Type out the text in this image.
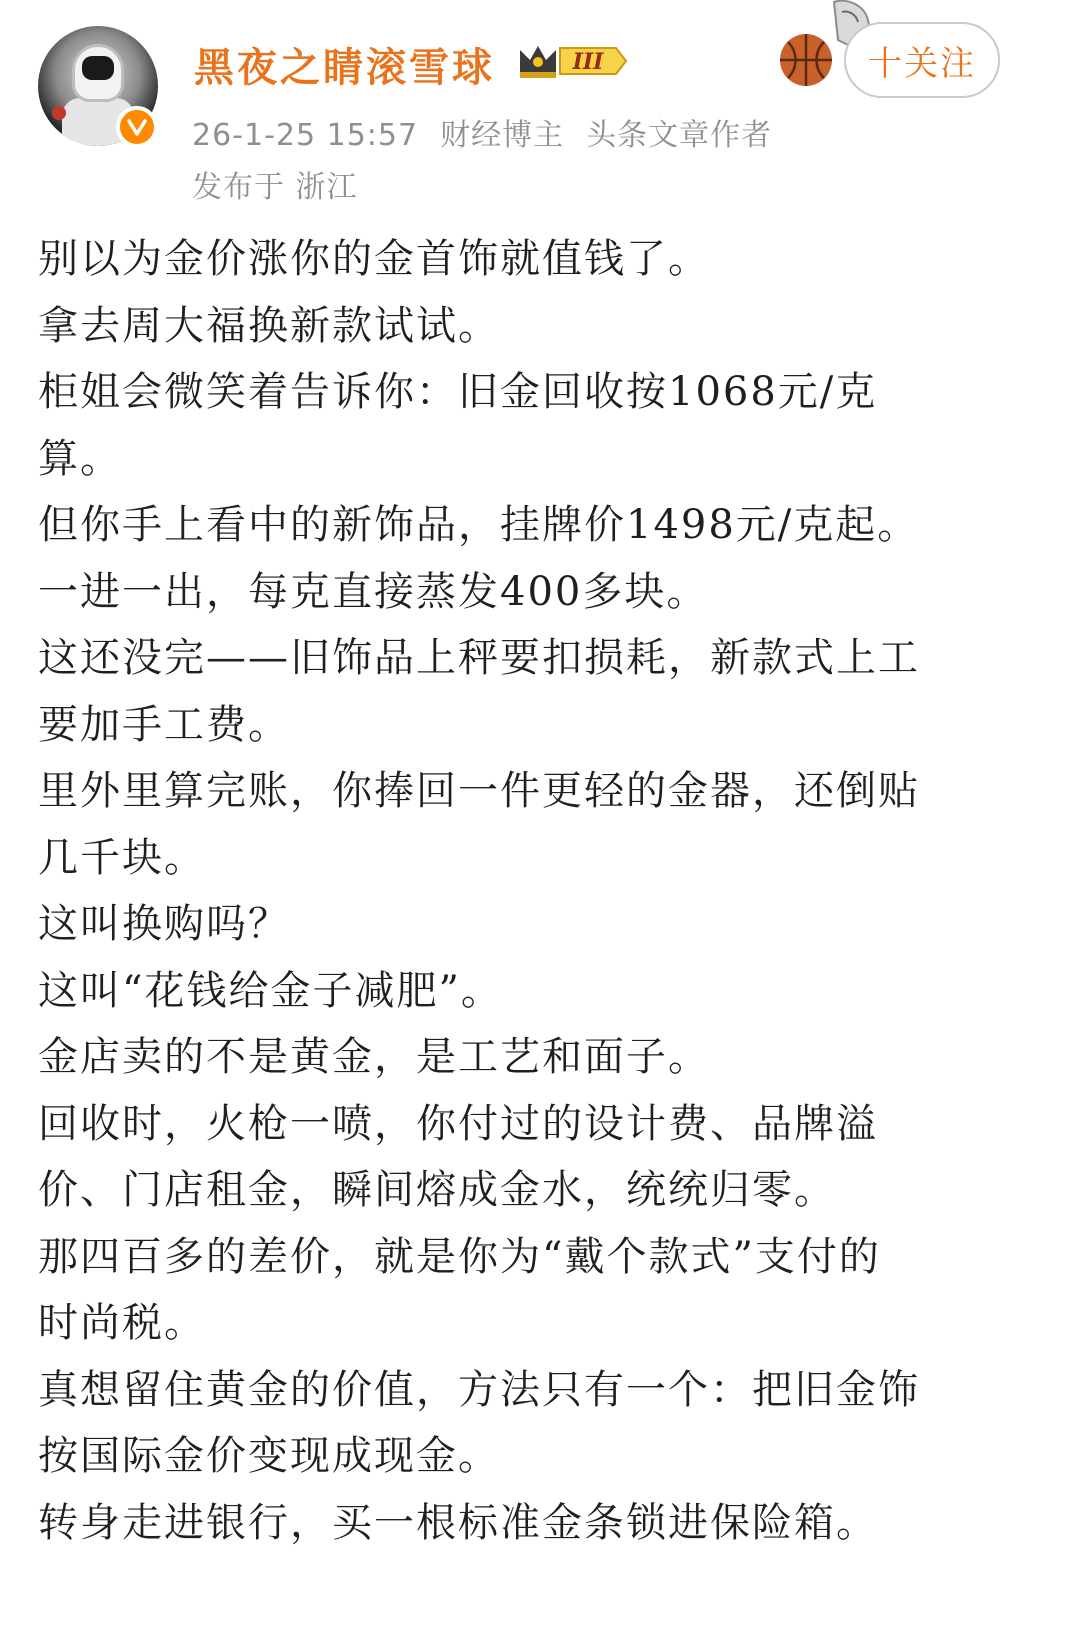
黑夜之睛滚雪球	III
26-1-25 15:57 财经博主 头条文章作者
发布于 浙江
十关注
别以为金价涨你的金首饰就值钱了。
拿去周大福换新款试试。
柜姐会微笑着告诉你：旧金回收按1068元/克
算。
但你手上看中的新饰品，挂牌价1498元/克起。
一进一出，每克直接蒸发400多块。
这还没完——旧饰品上秤要扣损耗，新款式上工
要加手工费。
里外里算完账，你捧回一件更轻的金器，还倒贴
几千块。
这叫换购吗？
这叫“花钱给金子减肥”。
金店卖的不是黄金，是工艺和面子。
回收时，火枪一喷，你付过的设计费、品牌溢
价、门店租金，瞬间熔成金水，统统归零。
那四百多的差价，就是你为“戴个款式”支付的
时尚税。
真想留住黄金的价值，方法只有一个：把旧金饰
按国际金价变现成现金。
转身走进银行，买一根标准金条锁进保险箱。
